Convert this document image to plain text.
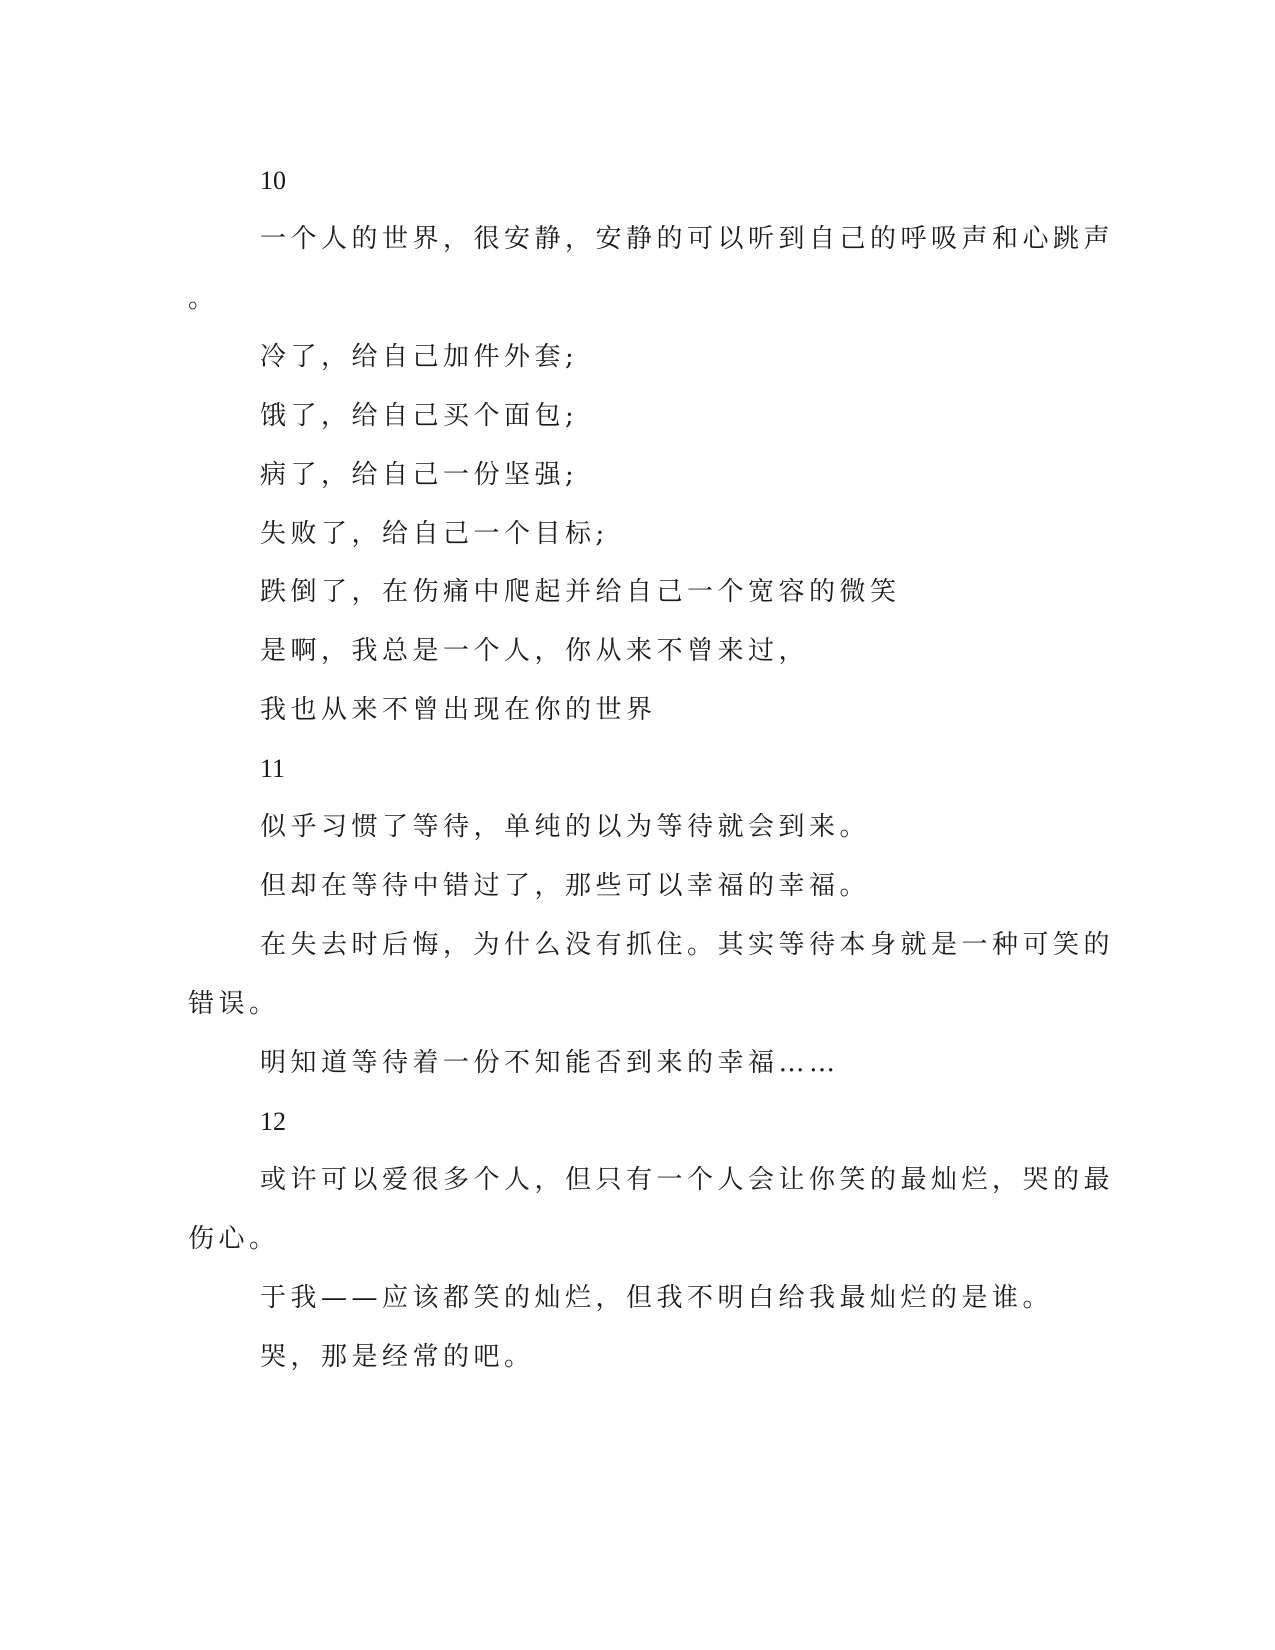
10
一个人的世界，很安静，安静的可以听到自己的呼吸声和心跳声
。
冷了，给自己加件外套;
饿了，给自己买个面包;
病了，给自己一份坚强;
失败了，给自己一个目标;
跌倒了，在伤痛中爬起并给自己一个宽容的微笑
是啊，我总是一个人，你从来不曾来过，
我也从来不曾出现在你的世界
11
似乎习惯了等待，单纯的以为等待就会到来。
但却在等待中错过了，那些可以幸福的幸福。
在失去时后悔，为什么没有抓住。其实等待本身就是一种可笑的
错误。
明知道等待着一份不知能否到来的幸福……
12
或许可以爱很多个人，但只有一个人会让你笑的最灿烂，哭的最
伤心。
于我——应该都笑的灿烂，但我不明白给我最灿烂的是谁。
哭，那是经常的吧。
